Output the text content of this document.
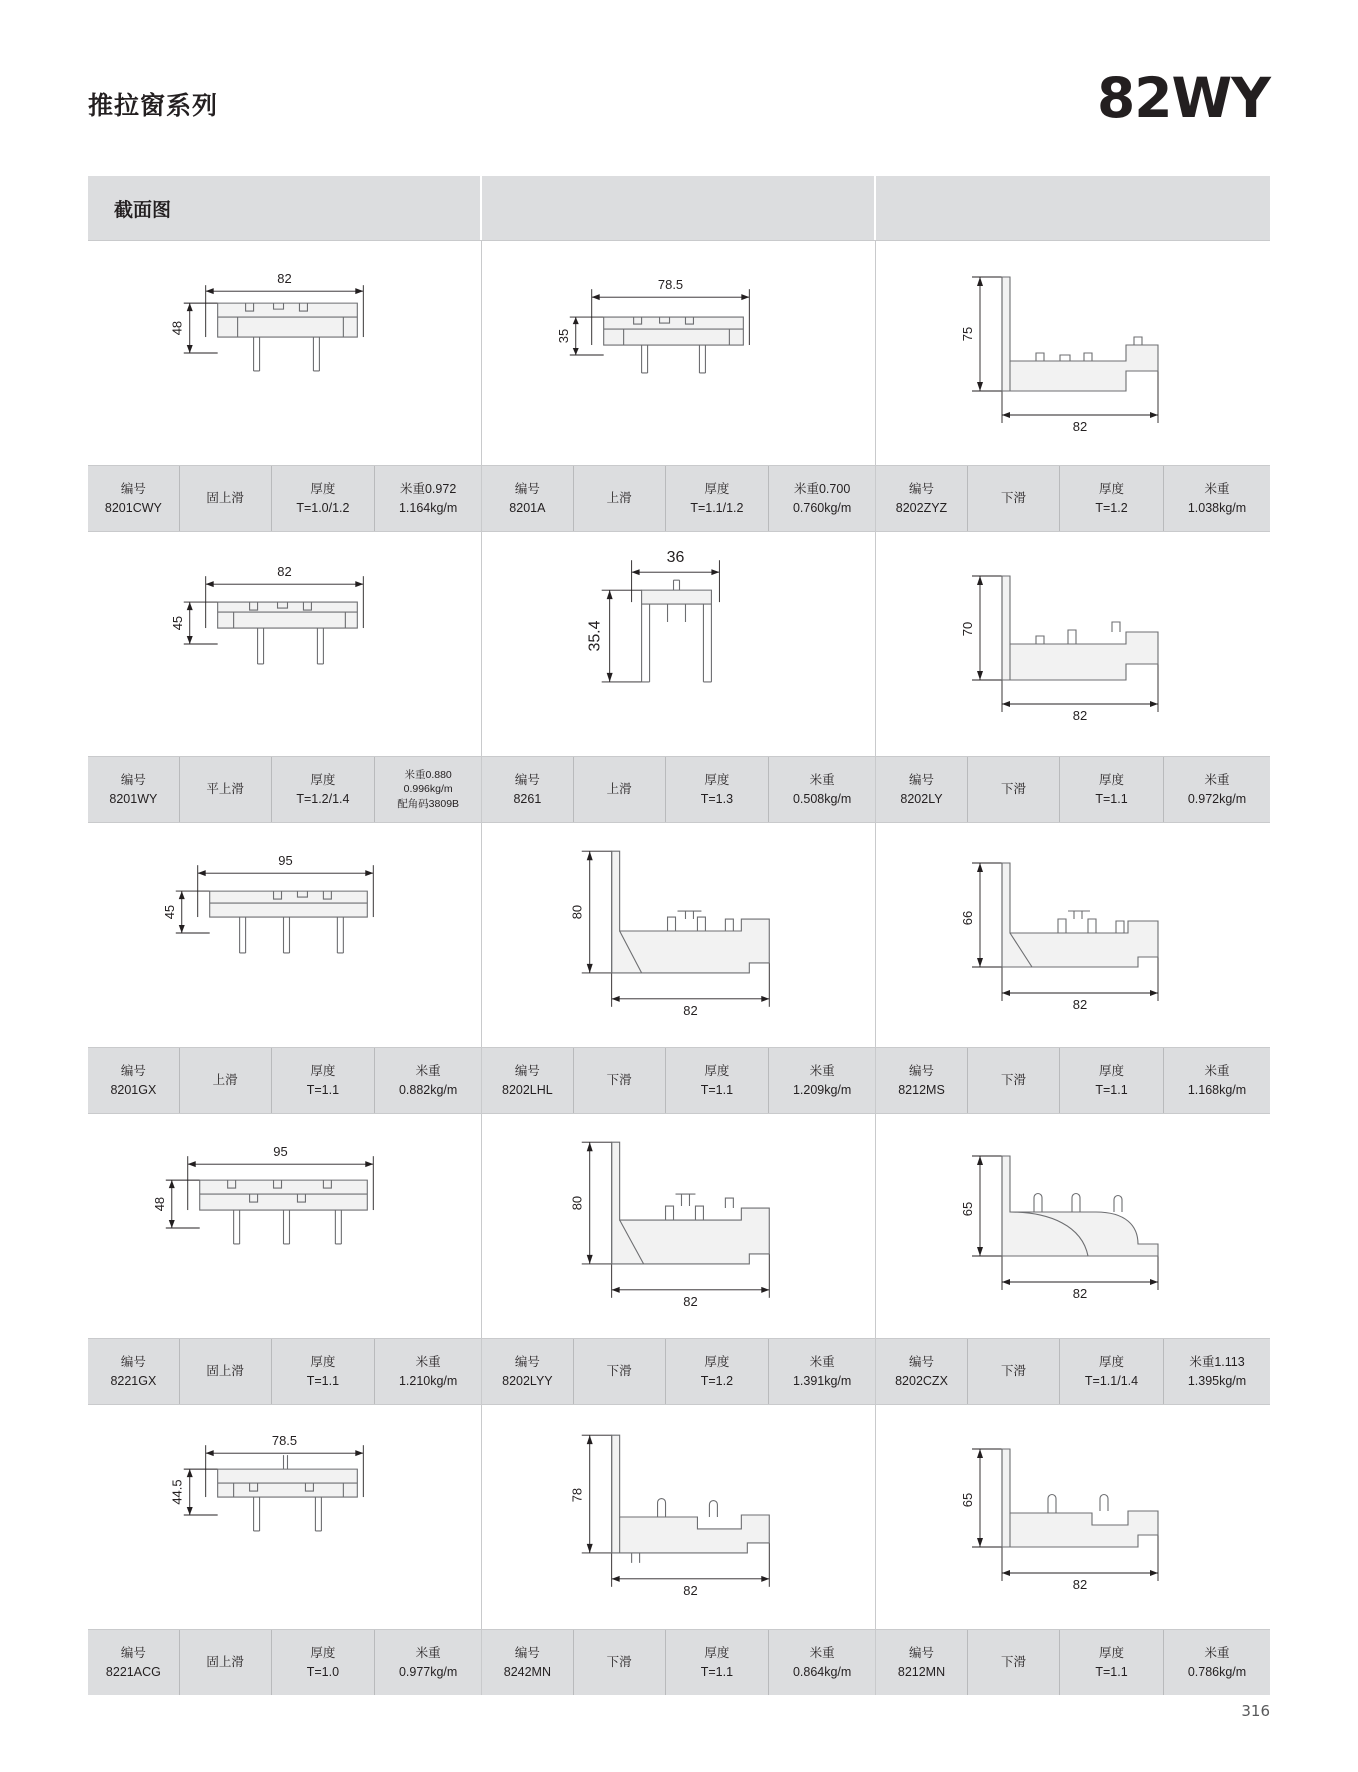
推拉窗系列	82WY
截面图
82
48
编号
8201CWY
固上滑
厚度
T=1.0/1.2
米重0.972
1.164kg/m
78.5
35
编号
8201A
上滑
厚度
T=1.1/1.2
米重0.700
0.760kg/m
75
82
编号
8202ZYZ
下滑
厚度
T=1.2
米重
1.038kg/m
82
45
编号
8201WY
平上滑
厚度
T=1.2/1.4
米重0.880
0.996kg/m
配角码3809B
36
35.4
编号
8261
上滑
厚度
T=1.3
米重
0.508kg/m
70
82
编号
8202LY
下滑
厚度
T=1.1
米重
0.972kg/m
95
45
编号
8201GX
上滑
厚度
T=1.1
米重
0.882kg/m
80
82
编号
8202LHL
下滑
厚度
T=1.1
米重
1.209kg/m
66
82
编号
8212MS
下滑
厚度
T=1.1
米重
1.168kg/m
95
48
编号
8221GX
固上滑
厚度
T=1.1
米重
1.210kg/m
80
82
编号
8202LYY
下滑
厚度
T=1.2
米重
1.391kg/m
65
82
编号
8202CZX
下滑
厚度
T=1.1/1.4
米重1.113
1.395kg/m
78.5
44.5
编号
8221ACG
固上滑
厚度
T=1.0
米重
0.977kg/m
78
82
编号
8242MN
下滑
厚度
T=1.1
米重
0.864kg/m
65
82
编号
8212MN
下滑
厚度
T=1.1
米重
0.786kg/m
316
